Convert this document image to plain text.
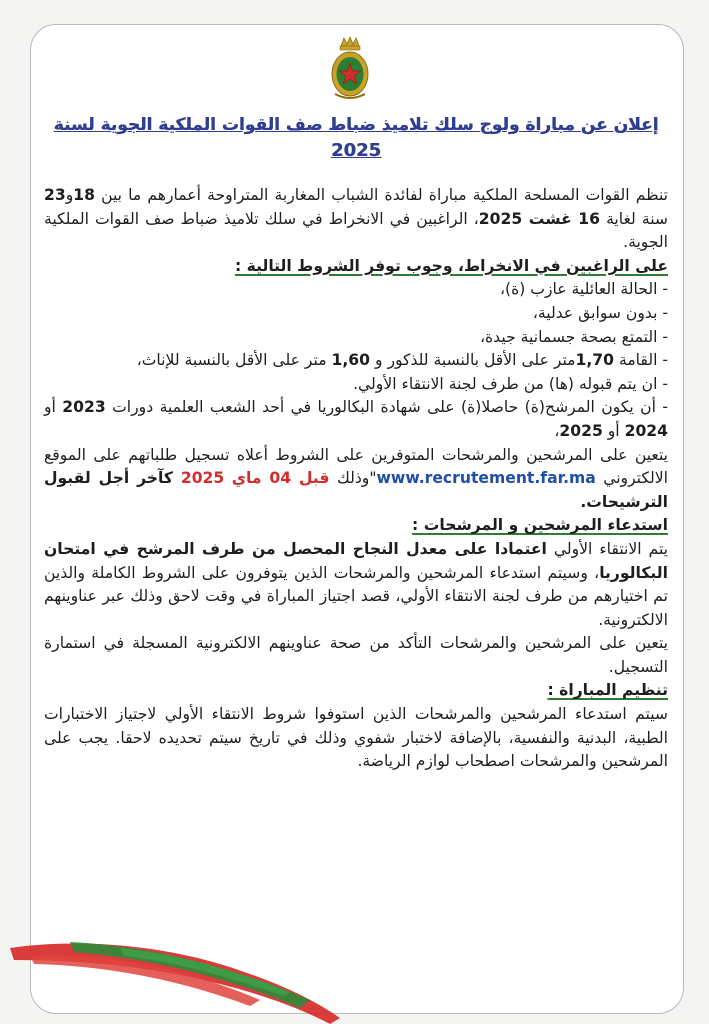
إعلان عن مباراة ولوج سلك تلاميذ ضباط صف القوات الملكية الجوية لسنة
2025

تنظم القوات المسلحة الملكية مباراة لفائدة الشباب المغاربة المتراوحة أعمارهم ما بين 18و23 سنة لغاية 16 غشت 2025، الراغبين في الانخراط في سلك تلاميذ ضباط صف القوات الملكية الجوية.

على الراغبين في الانخراط، وجوب توفر الشروط التالية :

- الحالة العائلية عازب (ة)،

- بدون سوابق عدلية،

- التمتع بصحة جسمانية جيدة،

- القامة 1,70متر على الأقل بالنسبة للذكور و 1,60 متر على الأقل بالنسبة للإناث،

- ان يتم قبوله (ها) من طرف لجنة الانتقاء الأولي.

- أن يكون المرشح(ة) حاصلا(ة) على شهادة البكالوريا في أحد الشعب العلمية دورات 2023 أو 2024 أو 2025،

يتعين على المرشحين والمرشحات المتوفرين على الشروط أعلاه تسجيل طلباتهم على الموقع الالكتروني www.recrutement.far.ma"وذلك قبل 04 ماي 2025 كآخر أجل لقبول الترشيحات.

استدعاء المرشحين و المرشحات :

يتم الانتقاء الأولي اعتمادا على معدل النجاح المحصل من طرف المرشح في امتحان البكالوريا، وسيتم استدعاء المرشحين والمرشحات الذين يتوفرون على الشروط الكاملة والذين تم اختيارهم من طرف لجنة الانتقاء الأولي، قصد اجتياز المباراة في وقت لاحق وذلك عبر عناوينهم الالكترونية.

يتعين على المرشحين والمرشحات التأكد من صحة عناوينهم الالكترونية المسجلة في استمارة التسجيل.

تنظيم المباراة :

سيتم استدعاء المرشحين والمرشحات الذين استوفوا شروط الانتقاء الأولي لاجتياز الاختبارات الطبية، البدنية والنفسية، بالإضافة لاختبار شفوي وذلك في تاريخ سيتم تحديده لاحقا. يجب على المرشحين والمرشحات اصطحاب لوازم الرياضة.
